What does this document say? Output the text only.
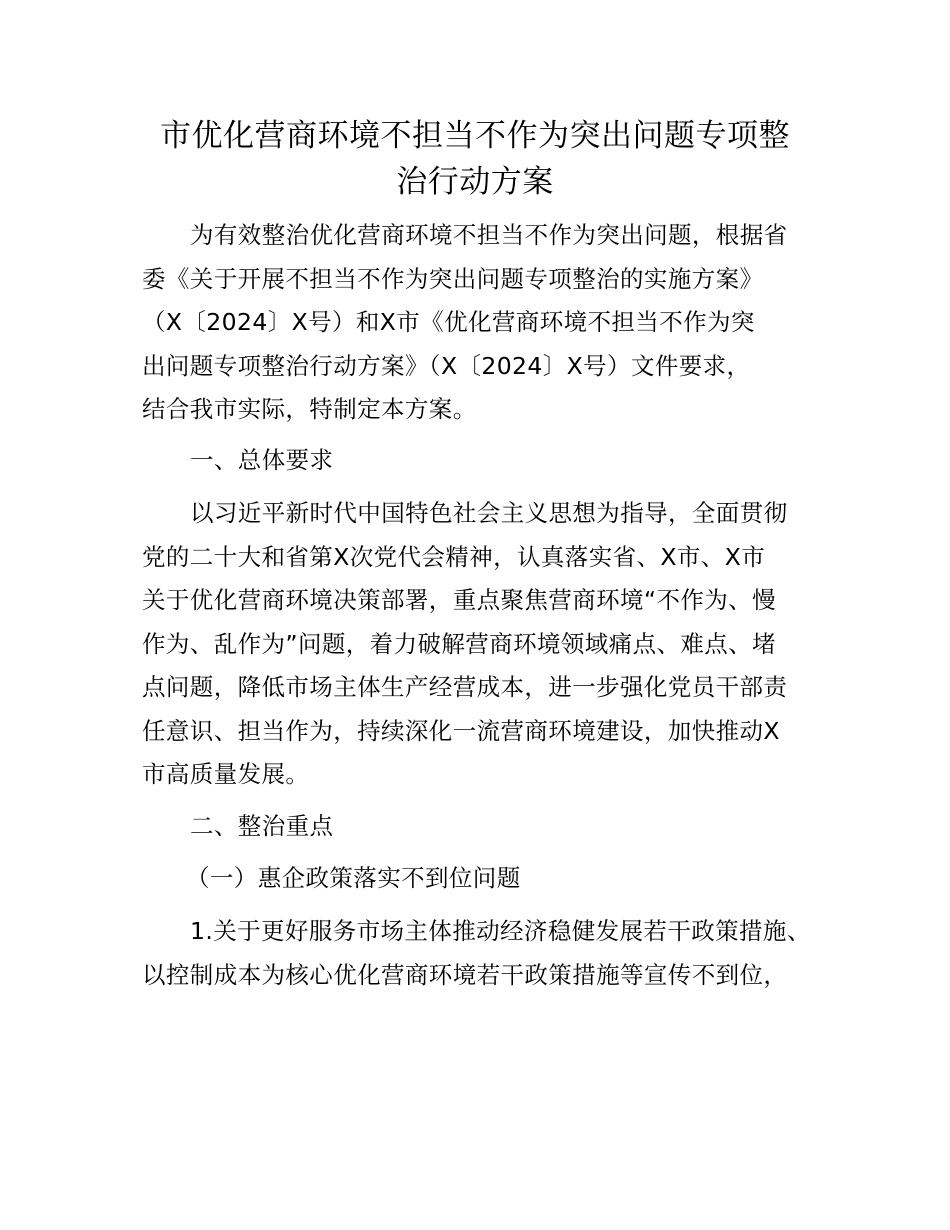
市优化营商环境不担当不作为突出问题专项整
治行动方案
为有效整治优化营商环境不担当不作为突出问题，根据省
委《关于开展不担当不作为突出问题专项整治的实施方案》
（X〔2024〕X号）和X市《优化营商环境不担当不作为突
出问题专项整治行动方案》（X〔2024〕X号）文件要求，
结合我市实际，特制定本方案。
一、总体要求
以习近平新时代中国特色社会主义思想为指导，全面贯彻
党的二十大和省第X次党代会精神，认真落实省、X市、X市
关于优化营商环境决策部署，重点聚焦营商环境“不作为、慢
作为、乱作为”问题，着力破解营商环境领域痛点、难点、堵
点问题，降低市场主体生产经营成本，进一步强化党员干部责
任意识、担当作为，持续深化一流营商环境建设，加快推动X
市高质量发展。
二、整治重点
（一）惠企政策落实不到位问题
1.关于更好服务市场主体推动经济稳健发展若干政策措施、
以控制成本为核心优化营商环境若干政策措施等宣传不到位，
